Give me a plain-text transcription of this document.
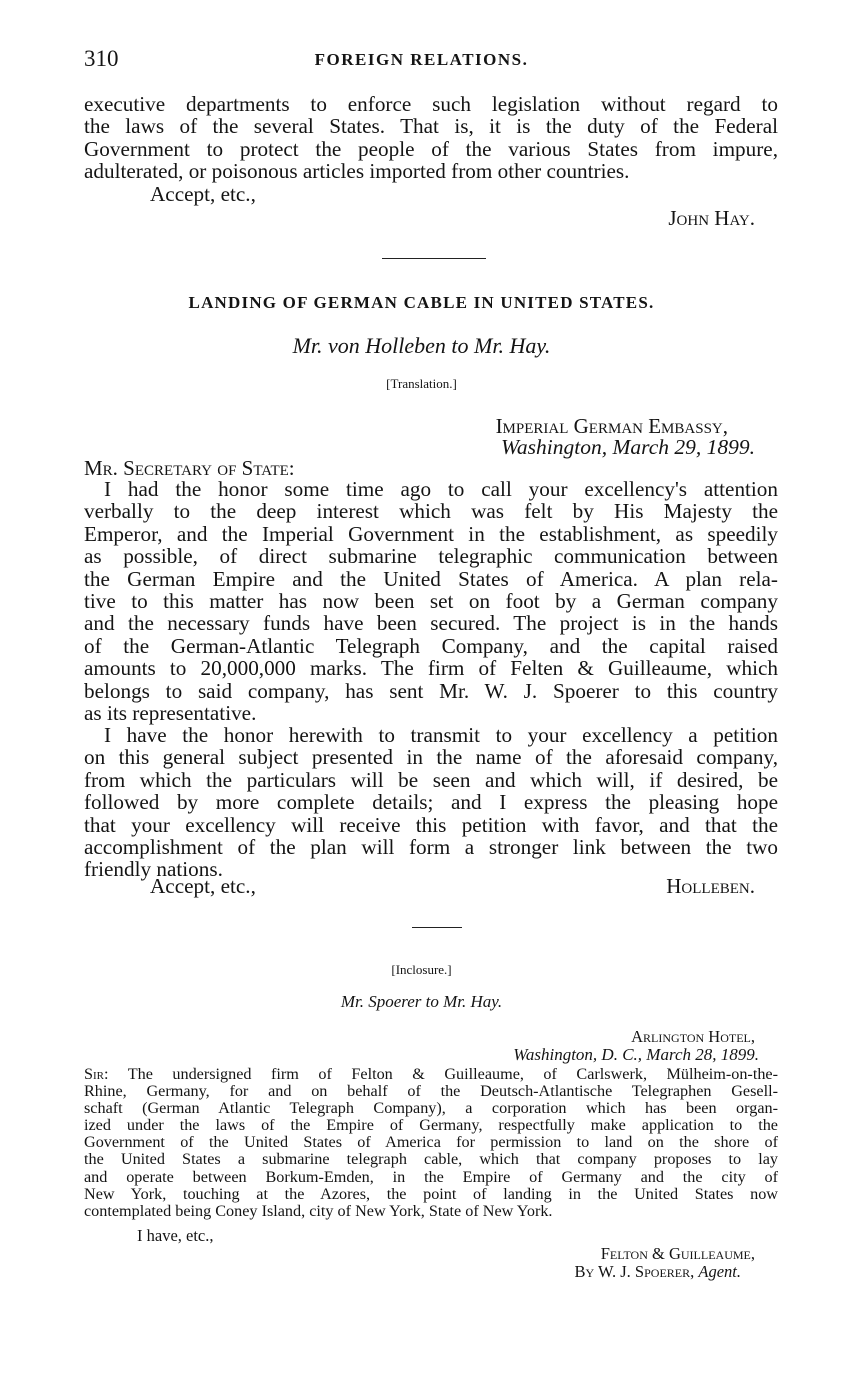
310	FOREIGN RELATIONS.

executive departments to enforce such legislation without regard to

the laws of the several States. That is, it is the duty of the Federal

Government to protect the people of the various States from impure,

adulterated, or poisonous articles imported from other countries.

Accept, etc.,
John Hay.
LANDING OF GERMAN CABLE IN UNITED STATES.
Mr. von Holleben to Mr. Hay.
[Translation.]
Imperial German Embassy,
Washington, March 29, 1899.
Mr. Secretary of State:

I had the honor some time ago to call your excellency's attention

verbally to the deep interest which was felt by His Majesty the

Emperor, and the Imperial Government in the establishment, as speedily

as possible, of direct submarine telegraphic communication between

the German Empire and the United States of America. A plan rela-

tive to this matter has now been set on foot by a German company

and the necessary funds have been secured. The project is in the hands

of the German-Atlantic Telegraph Company, and the capital raised

amounts to 20,000,000 marks. The firm of Felten & Guilleaume, which

belongs to said company, has sent Mr. W. J. Spoerer to this country

as its representative.

I have the honor herewith to transmit to your excellency a petition

on this general subject presented in the name of the aforesaid company,

from which the particulars will be seen and which will, if desired, be

followed by more complete details; and I express the pleasing hope

that your excellency will receive this petition with favor, and that the

accomplishment of the plan will form a stronger link between the two

friendly nations.

Accept, etc.,	Holleben.
[Inclosure.]
Mr. Spoerer to Mr. Hay.
Arlington Hotel,
Washington, D. C., March 28, 1899.

Sir: The undersigned firm of Felton & Guilleaume, of Carlswerk, Mülheim-on-the-

Rhine, Germany, for and on behalf of the Deutsch-Atlantische Telegraphen Gesell-

schaft (German Atlantic Telegraph Company), a corporation which has been organ-

ized under the laws of the Empire of Germany, respectfully make application to the

Government of the United States of America for permission to land on the shore of

the United States a submarine telegraph cable, which that company proposes to lay

and operate between Borkum-Emden, in the Empire of Germany and the city of

New York, touching at the Azores, the point of landing in the United States now

contemplated being Coney Island, city of New York, State of New York.

I have, etc.,
Felton & Guilleaume,
By W. J. Spoerer, Agent.
